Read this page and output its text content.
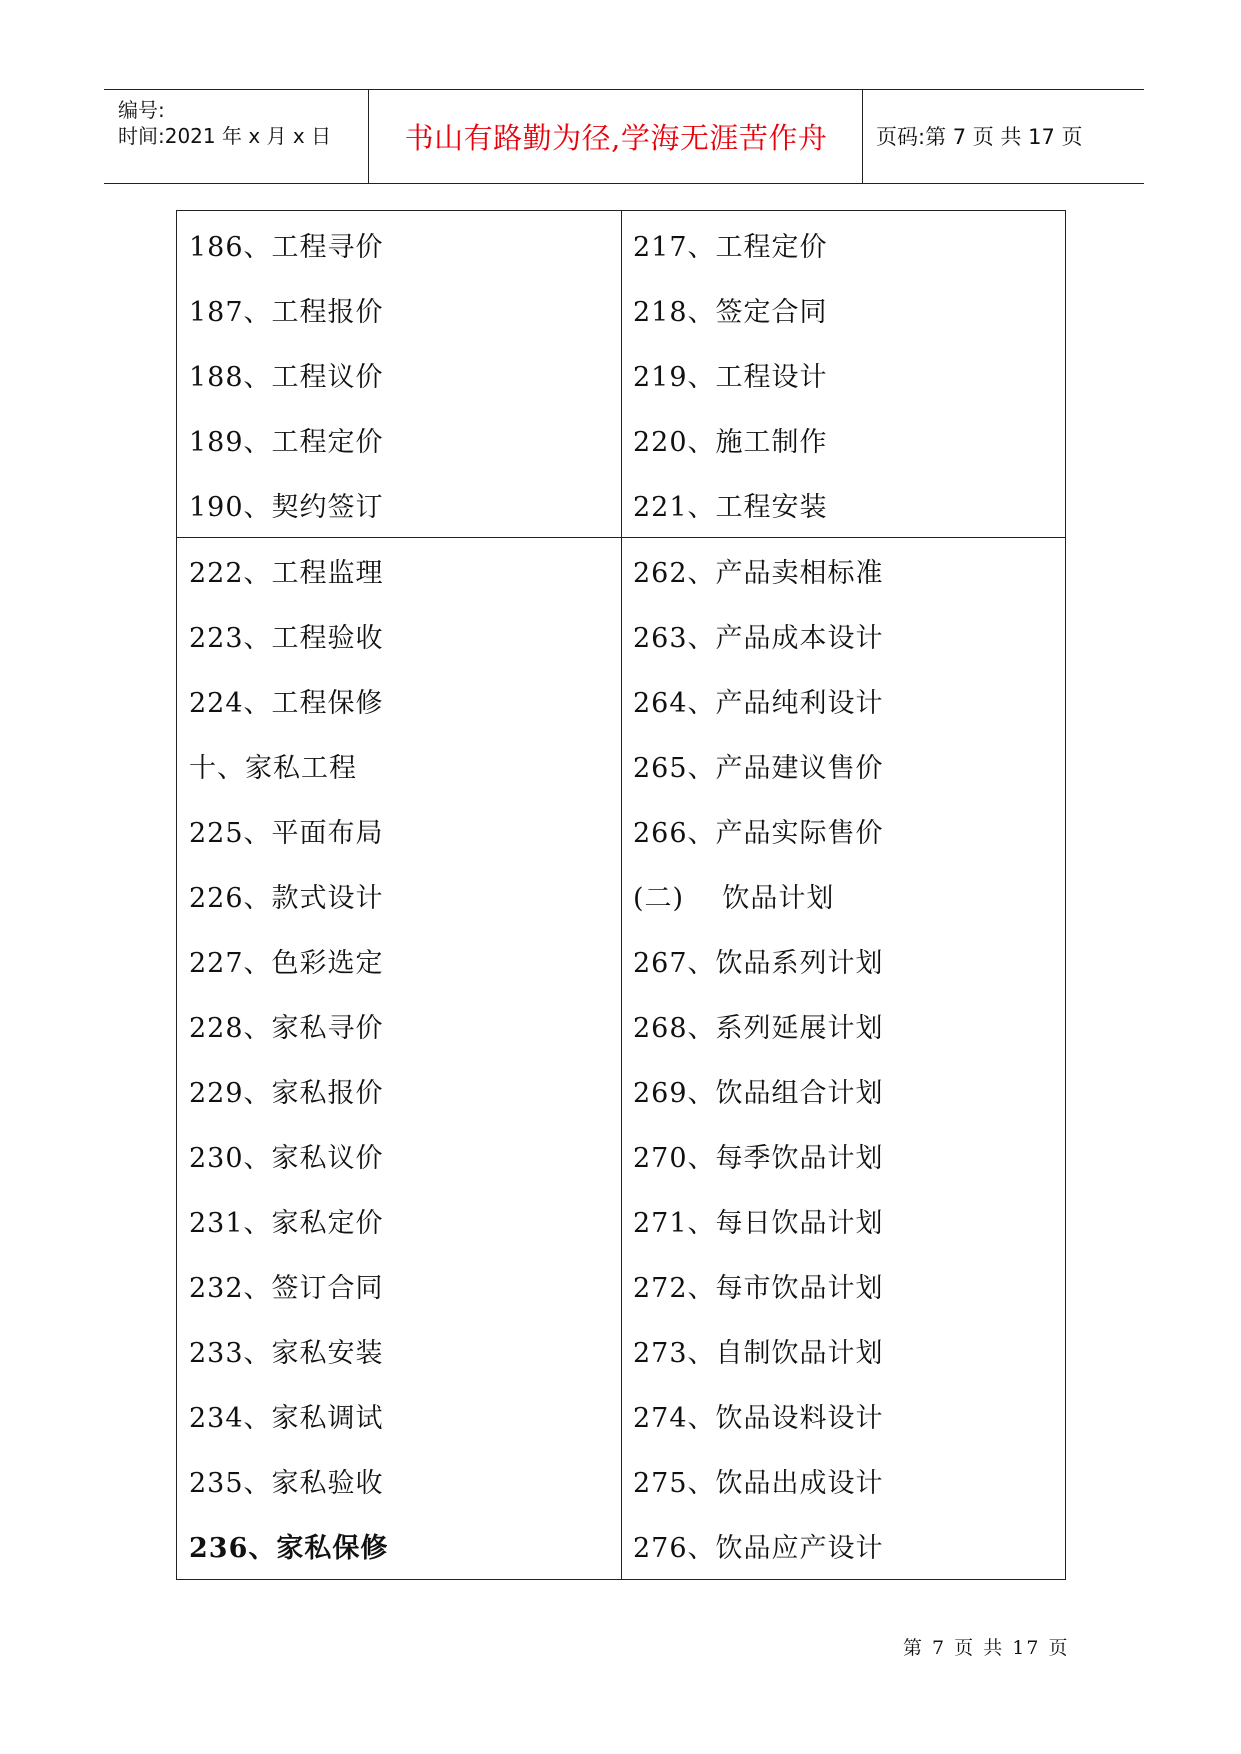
编号:
时间:2021 年 x 月 x 日	书山有路勤为径,学海无涯苦作舟	页码:第 7 页 共 17 页
186、工程寻价
187、工程报价
188、工程议价
189、工程定价
190、契约签订
217、工程定价
218、签定合同
219、工程设计
220、施工制作
221、工程安装
222、工程监理
223、工程验收
224、工程保修
十、家私工程
225、平面布局
226、款式设计
227、色彩选定
228、家私寻价
229、家私报价
230、家私议价
231、家私定价
232、签订合同
233、家私安装
234、家私调试
235、家私验收
236、家私保修
262、产品卖相标准
263、产品成本设计
264、产品纯利设计
265、产品建议售价
266、产品实际售价
(二)    饮品计划
267、饮品系列计划
268、系列延展计划
269、饮品组合计划
270、每季饮品计划
271、每日饮品计划
272、每市饮品计划
273、自制饮品计划
274、饮品设料设计
275、饮品出成设计
276、饮品应产设计
第 7 页 共 17 页
